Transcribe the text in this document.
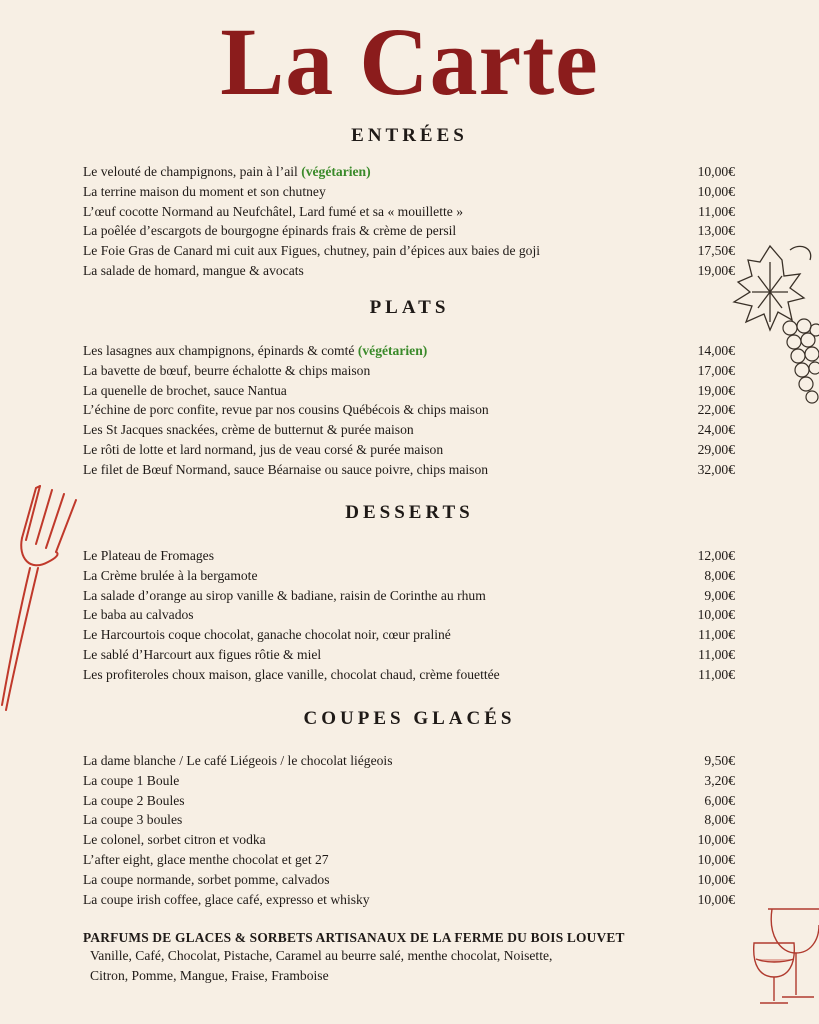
La Carte
ENTRÉES
Le velouté de champignons, pain à l’ail (végétarien)	10,00€
La terrine maison du moment et son chutney	10,00€
L’œuf cocotte Normand au Neufchâtel, Lard fumé et sa « mouillette »	11,00€
La poêlée d’escargots de bourgogne épinards frais & crème de persil	13,00€
Le Foie Gras de Canard mi cuit aux Figues, chutney, pain d’épices aux baies de goji	17,50€
La salade de homard, mangue & avocats	19,00€
PLATS
Les lasagnes aux champignons, épinards & comté (végétarien)	14,00€
La bavette de bœuf, beurre échalotte & chips maison	17,00€
La quenelle de brochet, sauce Nantua	19,00€
L’échine de porc confite, revue par nos cousins Québécois & chips maison	22,00€
Les St Jacques snackées, crème de butternut & purée maison	24,00€
Le rôti de lotte et lard normand, jus de veau corsé & purée maison	29,00€
Le filet de Bœuf Normand, sauce Béarnaise ou sauce poivre, chips maison	32,00€
DESSERTS
Le Plateau de Fromages	12,00€
La Crème brulée à la bergamote	8,00€
La salade d’orange au sirop vanille & badiane, raisin de Corinthe au rhum	9,00€
Le baba au calvados	10,00€
Le Harcourtois coque chocolat, ganache chocolat noir, cœur praliné	11,00€
Le sablé d’Harcourt aux figues rôtie & miel	11,00€
Les profiteroles choux maison, glace vanille, chocolat chaud, crème fouettée	11,00€
COUPES GLACÉS
La dame blanche / Le café Liégeois / le chocolat liégeois	9,50€
La coupe 1 Boule	3,20€
La coupe 2 Boules	6,00€
La coupe 3 boules	8,00€
Le colonel, sorbet citron et vodka	10,00€
L’after eight, glace menthe chocolat et get 27	10,00€
La coupe normande, sorbet pomme, calvados	10,00€
La coupe irish coffee, glace café, expresso et whisky	10,00€
PARFUMS DE GLACES & SORBETS ARTISANAUX DE LA FERME DU BOIS LOUVET
Vanille, Café, Chocolat, Pistache, Caramel au beurre salé, menthe chocolat, Noisette,
Citron, Pomme, Mangue, Fraise, Framboise
